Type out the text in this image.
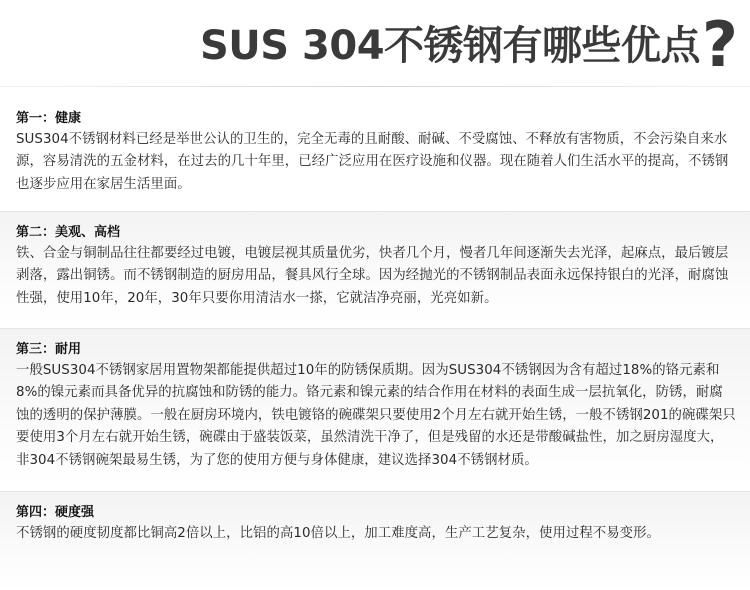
SUS 304不锈钢有哪些优点 ?

第一：健康

SUS304不锈钢材料已经是举世公认的卫生的，完全无毒的且耐酸、耐碱、不受腐蚀、不释放有害物质，不会污染自来水源，容易清洗的五金材料，在过去的几十年里，已经广泛应用在医疗设施和仪器。现在随着人们生活水平的提高，不锈钢也逐步应用在家居生活里面。

第二：美观、高档

铁、合金与铜制品往往都要经过电镀，电镀层视其质量优劣，快者几个月，慢者几年间逐渐失去光泽，起麻点，最后镀层剥落，露出铜锈。而不锈钢制造的厨房用品，餐具风行全球。因为经抛光的不锈钢制品表面永远保持银白的光泽，耐腐蚀性强，使用10年，20年，30年只要你用清洁水一搽，它就洁净亮丽，光亮如新。

第三：耐用

一般SUS304不锈钢家居用置物架都能提供超过10年的防锈保质期。因为SUS304不锈钢因为含有超过18%的铬元素和8%的镍元素而具备优异的抗腐蚀和防锈的能力。铬元素和镍元素的结合作用在材料的表面生成一层抗氧化，防锈，耐腐蚀的透明的保护薄膜。一般在厨房环境内，铁电镀铬的碗碟架只要使用2个月左右就开始生锈，一般不锈钢201的碗碟架只要使用3个月左右就开始生锈，碗碟由于盛装饭菜，虽然清洗干净了，但是残留的水还是带酸碱盐性，加之厨房湿度大，非304不锈钢碗架最易生锈，为了您的使用方便与身体健康，建议选择304不锈钢材质。

第四：硬度强

不锈钢的硬度韧度都比铜高2倍以上，比铝的高10倍以上，加工难度高，生产工艺复杂，使用过程不易变形。
